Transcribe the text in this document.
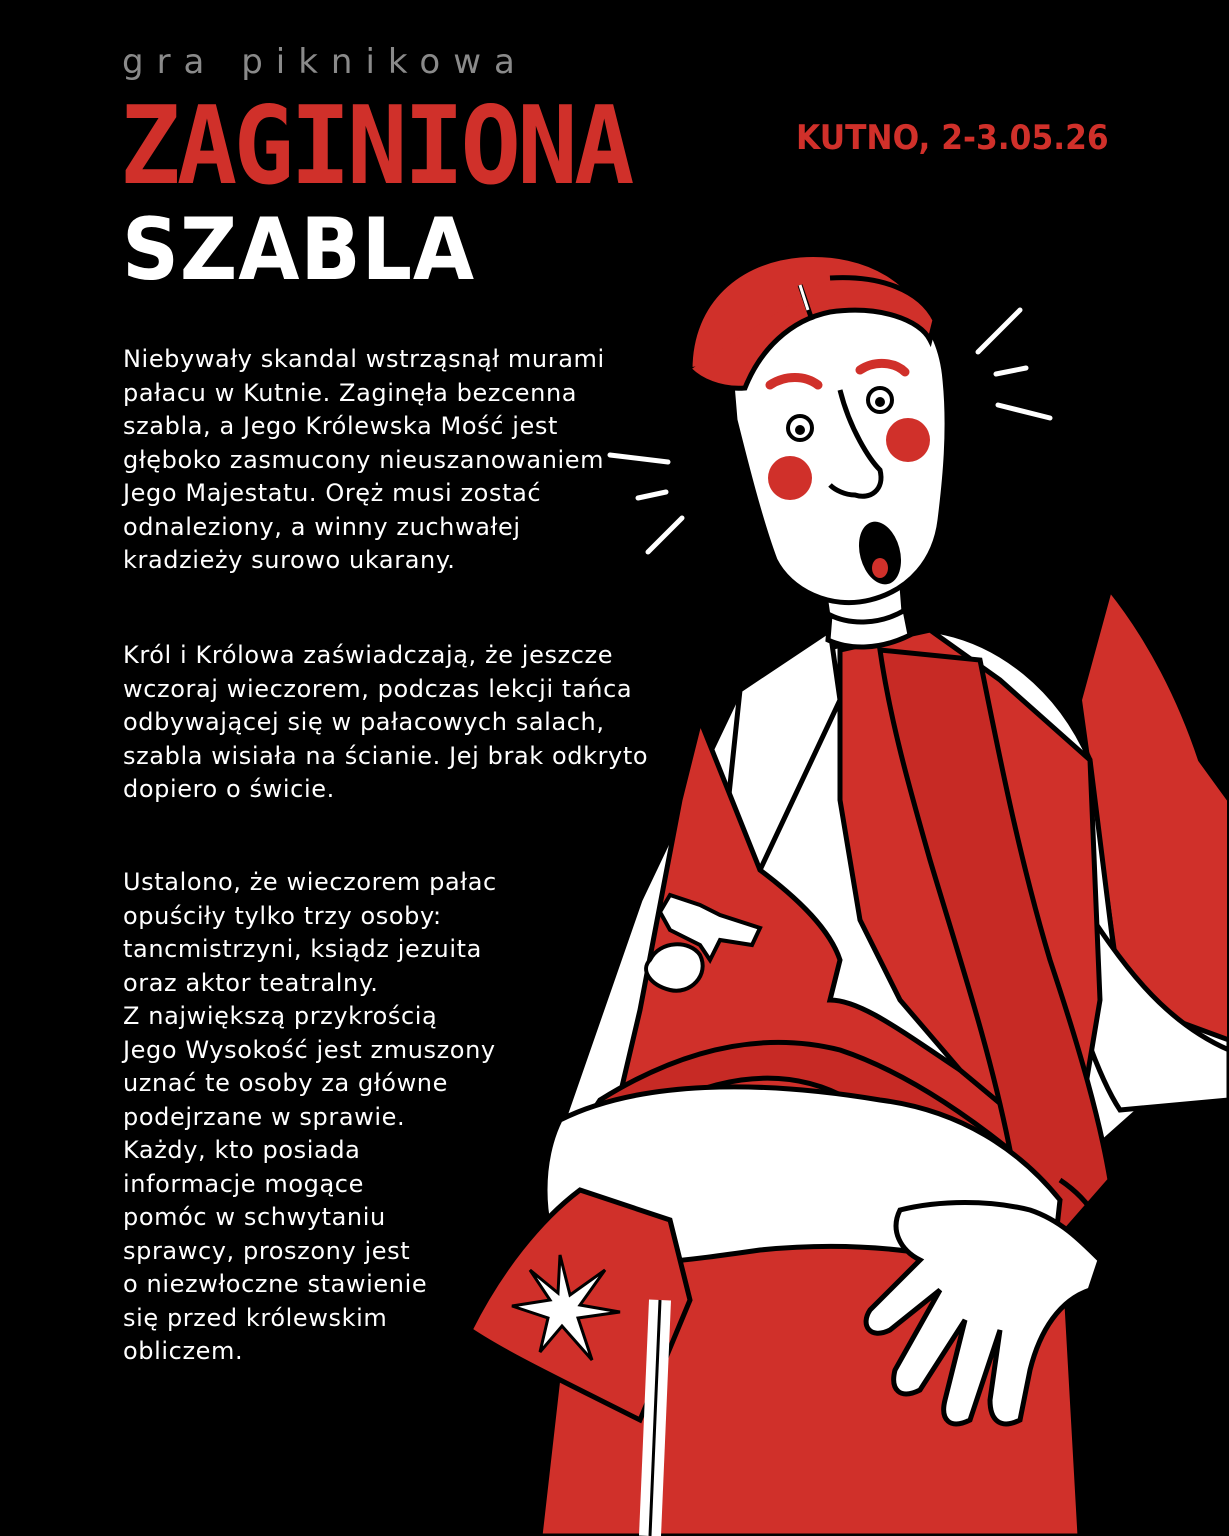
gra piknikowa
ZAGINIONA
SZABLA
KUTNO, 2-3.05.26

Niebywały skandal wstrząsnął murami
pałacu w Kutnie. Zaginęła bezcenna
szabla, a Jego Królewska Mość jest
głęboko zasmucony nieuszanowaniem
Jego Majestatu. Oręż musi zostać
odnaleziony, a winny zuchwałej
kradzieży surowo ukarany.

Król i Królowa zaświadczają, że jeszcze
wczoraj wieczorem, podczas lekcji tańca
odbywającej się w pałacowych salach,
szabla wisiała na ścianie. Jej brak odkryto
dopiero o świcie.

Ustalono, że wieczorem pałac
opuściły tylko trzy osoby:
tancmistrzyni, ksiądz jezuita
oraz aktor teatralny.
Z największą przykrością
Jego Wysokość jest zmuszony
uznać te osoby za główne
podejrzane w sprawie.
Każdy, kto posiada
informacje mogące
pomóc w schwytaniu
sprawcy, proszony jest
o niezwłoczne stawienie
się przed królewskim
obliczem.
